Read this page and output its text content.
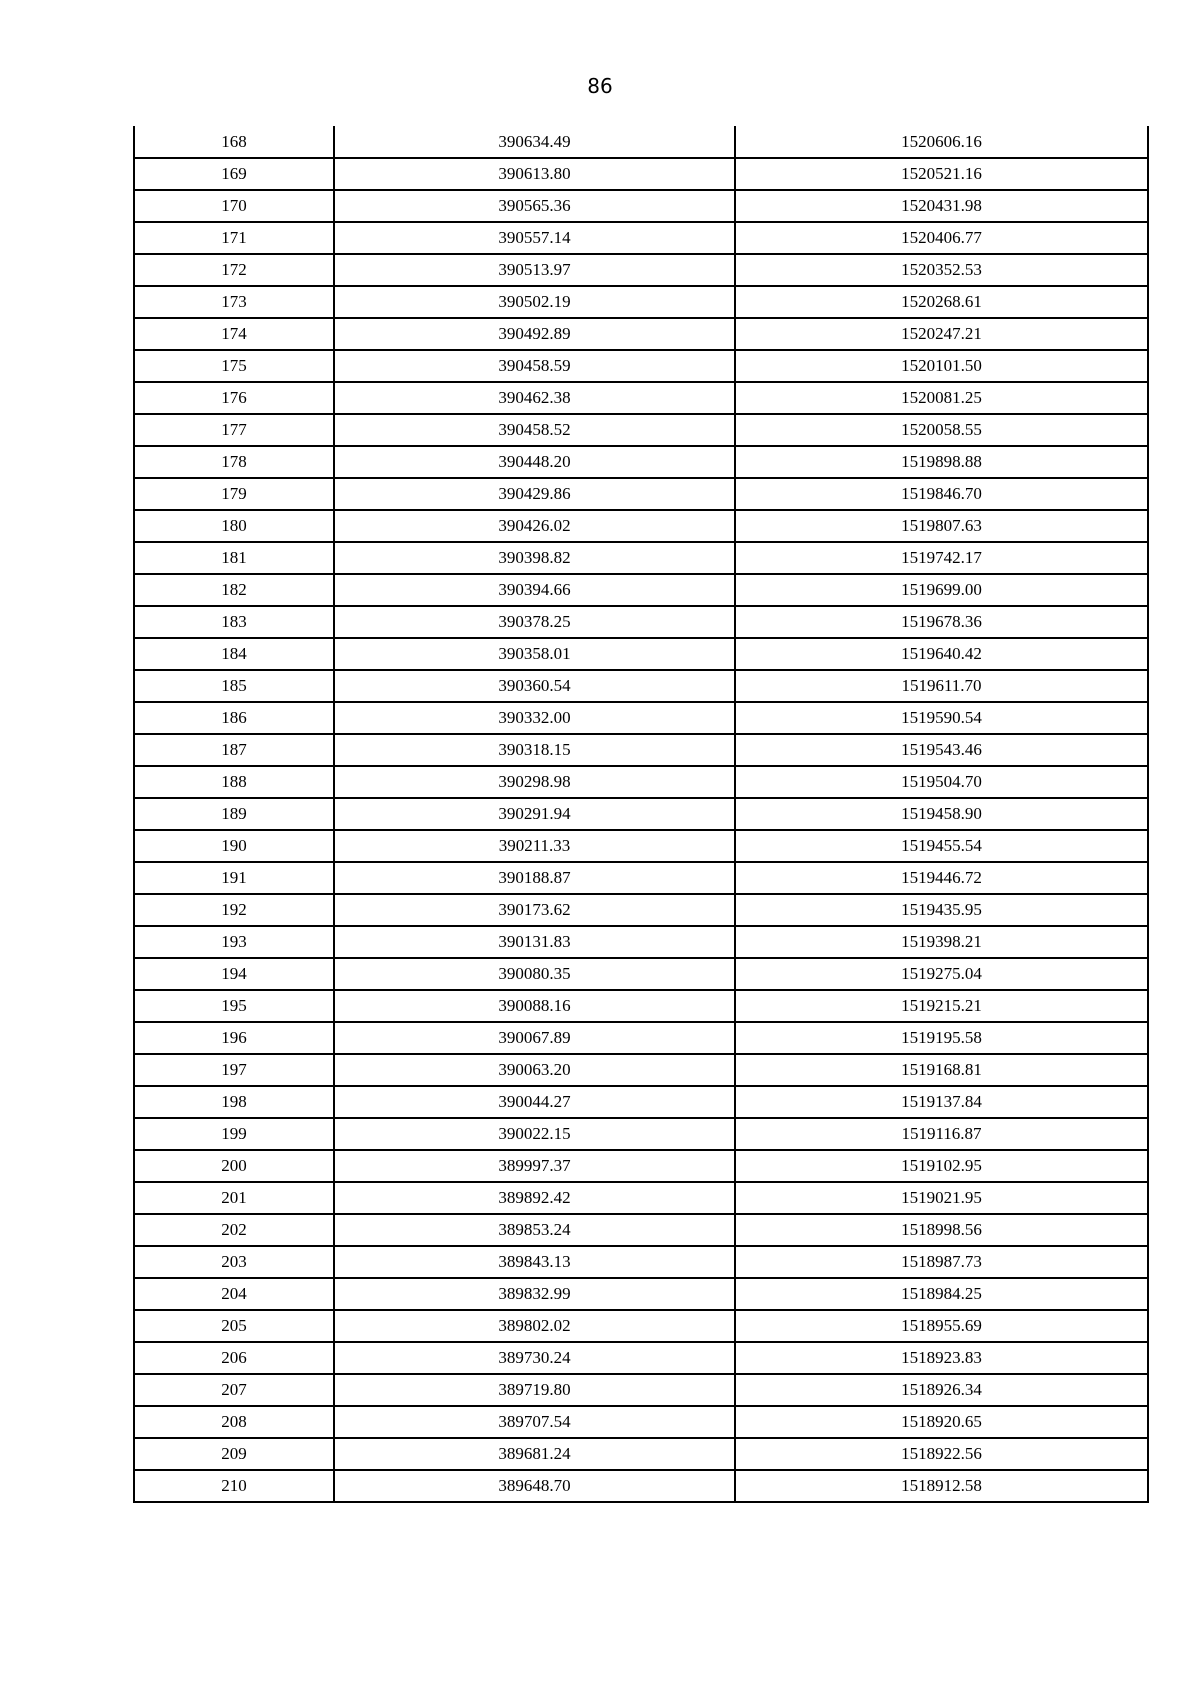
86
168	390634.49	1520606.16
169	390613.80	1520521.16
170	390565.36	1520431.98
171	390557.14	1520406.77
172	390513.97	1520352.53
173	390502.19	1520268.61
174	390492.89	1520247.21
175	390458.59	1520101.50
176	390462.38	1520081.25
177	390458.52	1520058.55
178	390448.20	1519898.88
179	390429.86	1519846.70
180	390426.02	1519807.63
181	390398.82	1519742.17
182	390394.66	1519699.00
183	390378.25	1519678.36
184	390358.01	1519640.42
185	390360.54	1519611.70
186	390332.00	1519590.54
187	390318.15	1519543.46
188	390298.98	1519504.70
189	390291.94	1519458.90
190	390211.33	1519455.54
191	390188.87	1519446.72
192	390173.62	1519435.95
193	390131.83	1519398.21
194	390080.35	1519275.04
195	390088.16	1519215.21
196	390067.89	1519195.58
197	390063.20	1519168.81
198	390044.27	1519137.84
199	390022.15	1519116.87
200	389997.37	1519102.95
201	389892.42	1519021.95
202	389853.24	1518998.56
203	389843.13	1518987.73
204	389832.99	1518984.25
205	389802.02	1518955.69
206	389730.24	1518923.83
207	389719.80	1518926.34
208	389707.54	1518920.65
209	389681.24	1518922.56
210	389648.70	1518912.58
